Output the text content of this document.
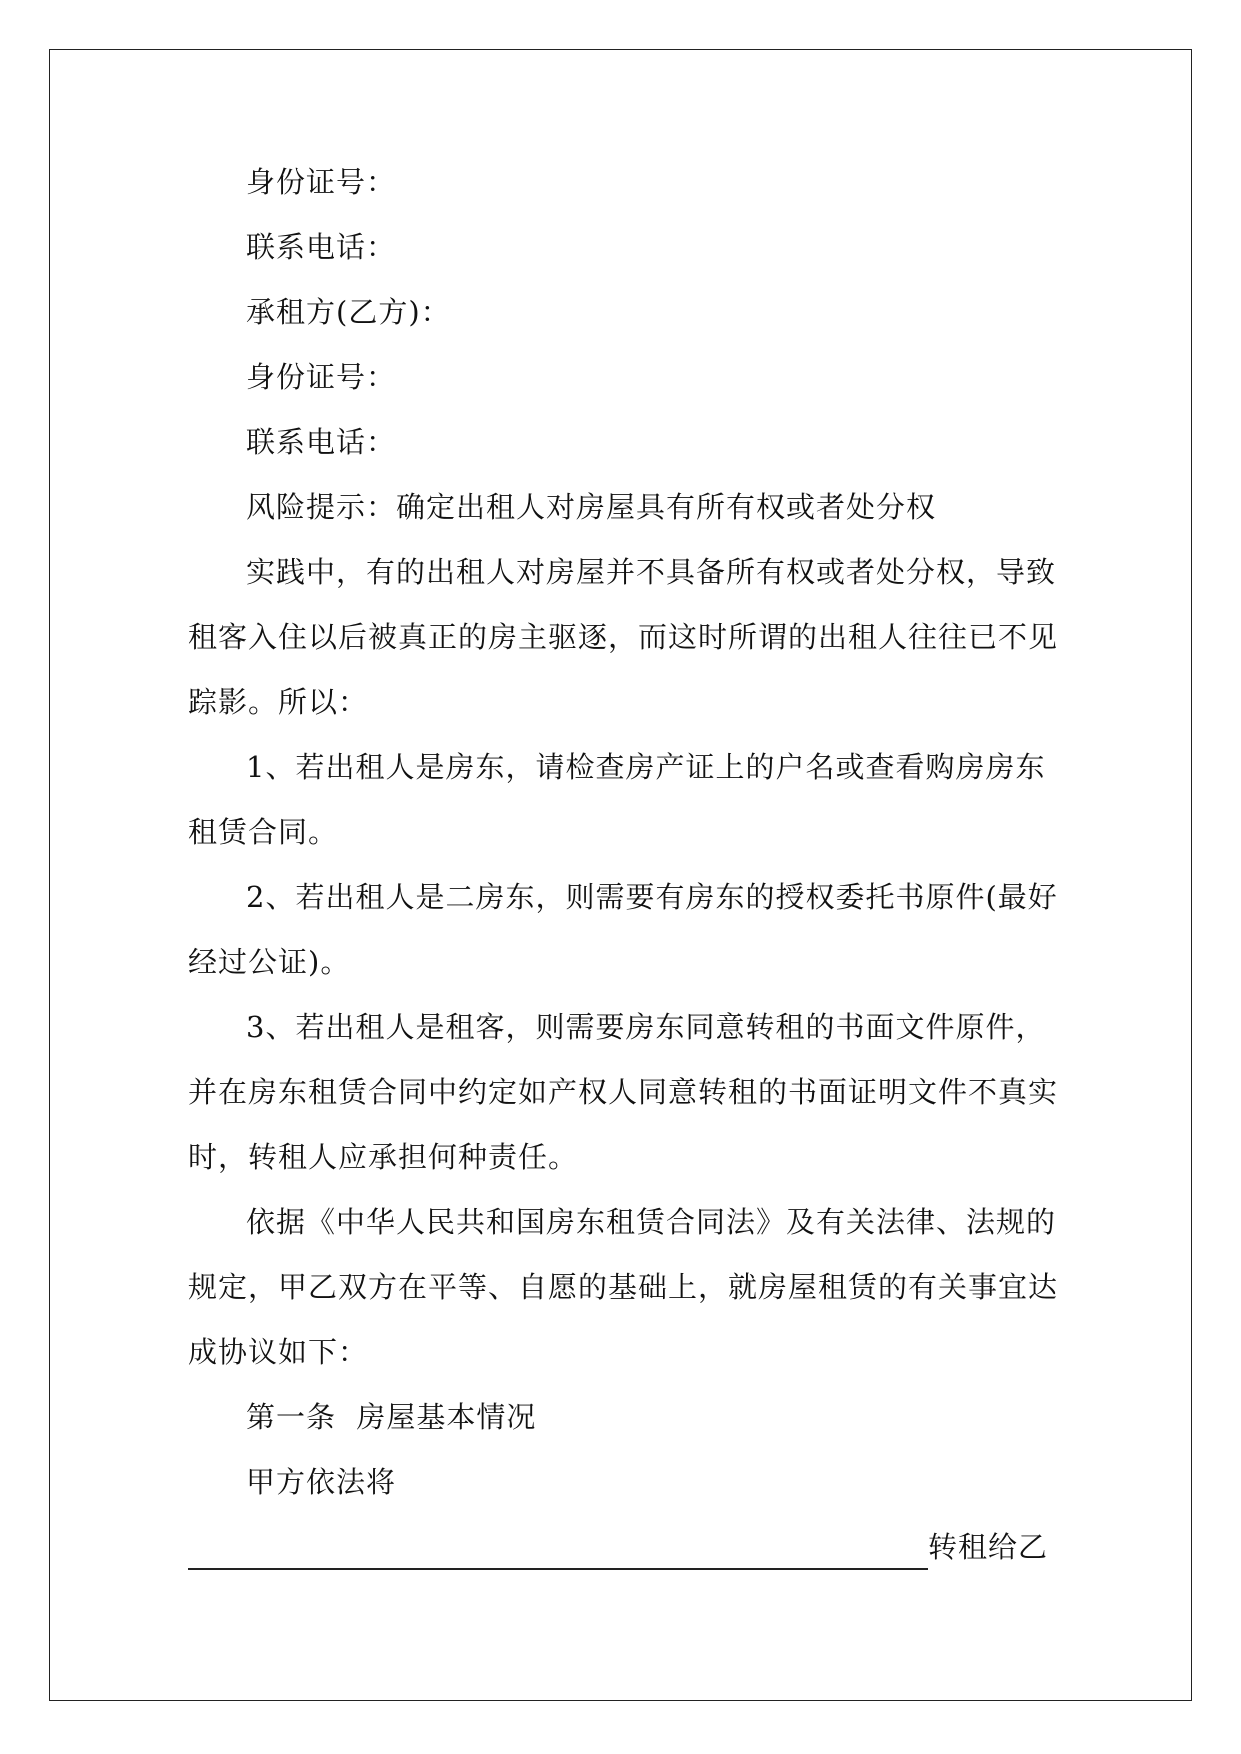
身份证号：

联系电话：

承租方(乙方)：

身份证号：

联系电话：

风险提示：确定出租人对房屋具有所有权或者处分权

实践中，有的出租人对房屋并不具备所有权或者处分权，导致租客入住以后被真正的房主驱逐，而这时所谓的出租人往往已不见踪影。所以：

1、若出租人是房东，请检查房产证上的户名或查看购房房东租赁合同。

2、若出租人是二房东，则需要有房东的授权委托书原件(最好经过公证)。

3、若出租人是租客，则需要房东同意转租的书面文件原件，并在房东租赁合同中约定如产权人同意转租的书面证明文件不真实时，转租人应承担何种责任。

依据《中华人民共和国房东租赁合同法》及有关法律、法规的规定，甲乙双方在平等、自愿的基础上，就房屋租赁的有关事宜达成协议如下：

第一条  房屋基本情况

甲方依法将

转租给乙
